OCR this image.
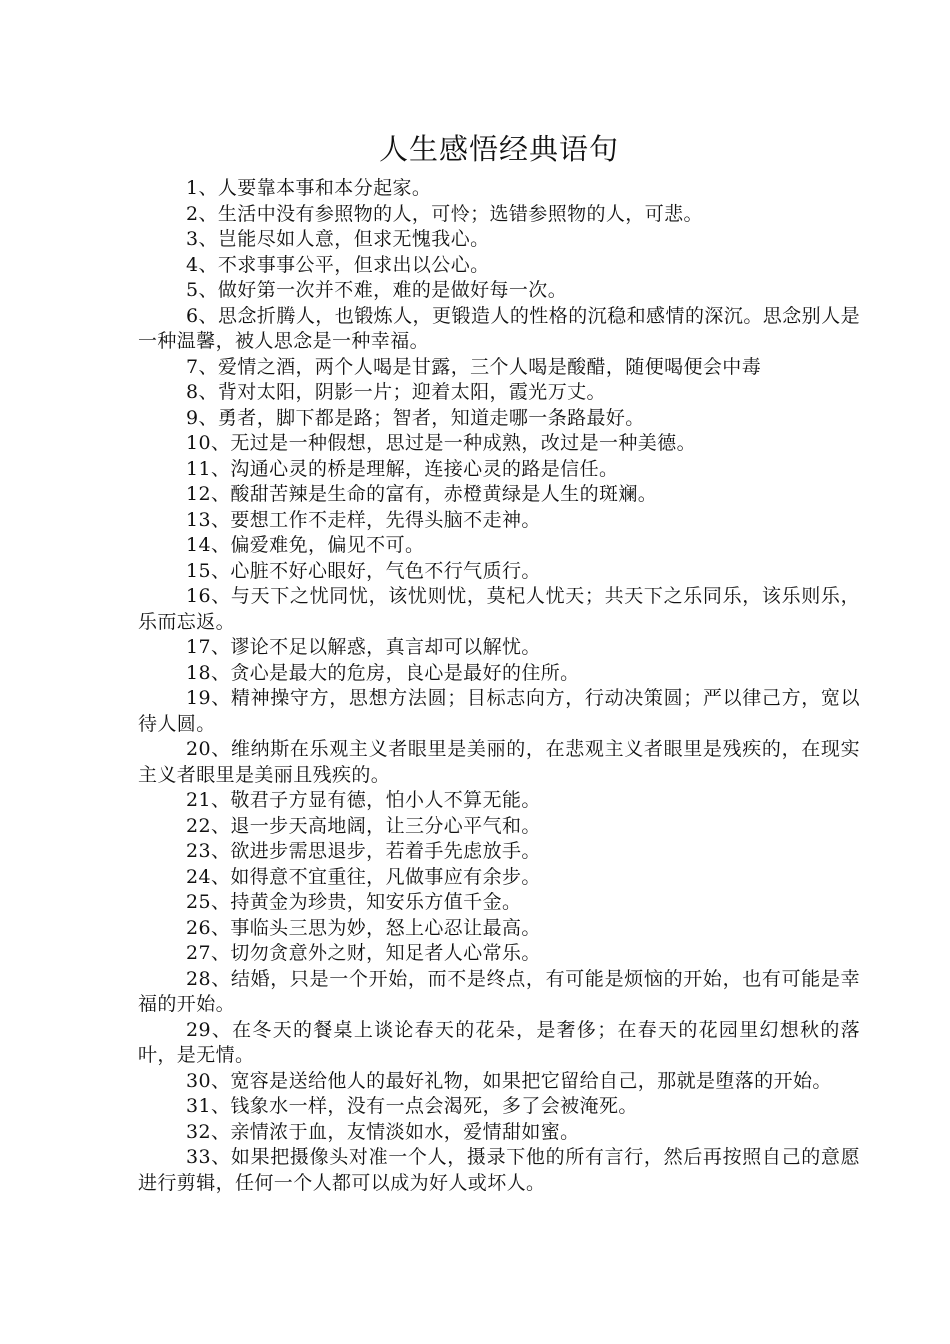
人生感悟经典语句

1、人要靠本事和本分起家。

2、生活中没有参照物的人，可怜；选错参照物的人，可悲。

3、岂能尽如人意，但求无愧我心。

4、不求事事公平，但求出以公心。

5、做好第一次并不难，难的是做好每一次。

6、思念折腾人，也锻炼人，更锻造人的性格的沉稳和感情的深沉。思念别人是一种温馨，被人思念是一种幸福。

7、爱情之酒，两个人喝是甘露，三个人喝是酸醋，随便喝便会中毒

8、背对太阳，阴影一片；迎着太阳，霞光万丈。

9、勇者，脚下都是路；智者，知道走哪一条路最好。

10、无过是一种假想，思过是一种成熟，改过是一种美德。

11、沟通心灵的桥是理解，连接心灵的路是信任。

12、酸甜苦辣是生命的富有，赤橙黄绿是人生的斑斓。

13、要想工作不走样，先得头脑不走神。

14、偏爱难免，偏见不可。

15、心脏不好心眼好，气色不行气质行。

16、与天下之忧同忧，该忧则忧，莫杞人忧天；共天下之乐同乐，该乐则乐，乐而忘返。

17、谬论不足以解惑，真言却可以解忧。

18、贪心是最大的危房，良心是最好的住所。

19、精神操守方，思想方法圆；目标志向方，行动决策圆；严以律己方，宽以待人圆。

20、维纳斯在乐观主义者眼里是美丽的，在悲观主义者眼里是残疾的，在现实主义者眼里是美丽且残疾的。

21、敬君子方显有德，怕小人不算无能。

22、退一步天高地阔，让三分心平气和。

23、欲进步需思退步，若着手先虑放手。

24、如得意不宜重往，凡做事应有余步。

25、持黄金为珍贵，知安乐方值千金。

26、事临头三思为妙，怒上心忍让最高。

27、切勿贪意外之财，知足者人心常乐。

28、结婚，只是一个开始，而不是终点，有可能是烦恼的开始，也有可能是幸福的开始。

29、在冬天的餐桌上谈论春天的花朵，是奢侈；在春天的花园里幻想秋的落叶，是无情。

30、宽容是送给他人的最好礼物，如果把它留给自己，那就是堕落的开始。

31、钱象水一样，没有一点会渴死，多了会被淹死。

32、亲情浓于血，友情淡如水，爱情甜如蜜。

33、如果把摄像头对准一个人，摄录下他的所有言行，然后再按照自己的意愿进行剪辑，任何一个人都可以成为好人或坏人。
